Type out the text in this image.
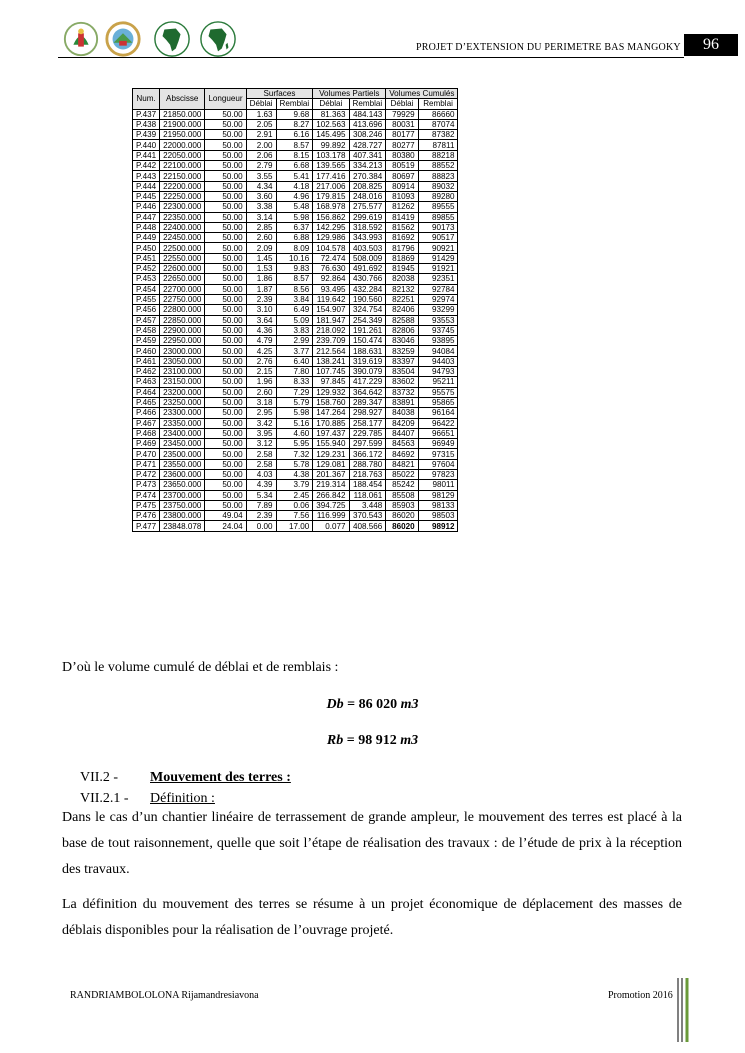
PROJET D’EXTENSION DU PERIMETRE BAS MANGOKY	96
Num.	Abscisse	Longueur	Surfaces		Volumes Partiels		Volumes Cumulés	
			Déblai	Remblai	Déblai	Remblai	Déblai	Remblai
P.437	21850.000	50.00	1.63	9.68	81.363	484.143	79929	86660
P.438	21900.000	50.00	2.05	8.27	102.563	413.696	80031	87074
P.439	21950.000	50.00	2.91	6.16	145.495	308.246	80177	87382
P.440	22000.000	50.00	2.00	8.57	99.892	428.727	80277	87811
P.441	22050.000	50.00	2.06	8.15	103.178	407.341	80380	88218
P.442	22100.000	50.00	2.79	6.68	139.565	334.213	80519	88552
P.443	22150.000	50.00	3.55	5.41	177.416	270.384	80697	88823
P.444	22200.000	50.00	4.34	4.18	217.006	208.825	80914	89032
P.445	22250.000	50.00	3.60	4.96	179.815	248.016	81093	89280
P.446	22300.000	50.00	3.38	5.48	168.978	275.577	81262	89555
P.447	22350.000	50.00	3.14	5.98	156.862	299.619	81419	89855
P.448	22400.000	50.00	2.85	6.37	142.295	318.592	81562	90173
P.449	22450.000	50.00	2.60	6.88	129.986	343.993	81692	90517
P.450	22500.000	50.00	2.09	8.09	104.578	403.503	81796	90921
P.451	22550.000	50.00	1.45	10.16	72.474	508.009	81869	91429
P.452	22600.000	50.00	1.53	9.83	76.630	491.692	81945	91921
P.453	22650.000	50.00	1.86	8.57	92.864	430.766	82038	92351
P.454	22700.000	50.00	1.87	8.56	93.495	432.284	82132	92784
P.455	22750.000	50.00	2.39	3.84	119.642	190.560	82251	92974
P.456	22800.000	50.00	3.10	6.49	154.907	324.754	82406	93299
P.457	22850.000	50.00	3.64	5.09	181.947	254.349	82588	93553
P.458	22900.000	50.00	4.36	3.83	218.092	191.261	82806	93745
P.459	22950.000	50.00	4.79	2.99	239.709	150.474	83046	93895
P.460	23000.000	50.00	4.25	3.77	212.564	188.631	83259	94084
P.461	23050.000	50.00	2.76	6.40	138.241	319.619	83397	94403
P.462	23100.000	50.00	2.15	7.80	107.745	390.079	83504	94793
P.463	23150.000	50.00	1.96	8.33	97.845	417.229	83602	95211
P.464	23200.000	50.00	2.60	7.29	129.932	364.642	83732	95575
P.465	23250.000	50.00	3.18	5.79	158.760	289.347	83891	95865
P.466	23300.000	50.00	2.95	5.98	147.264	298.927	84038	96164
P.467	23350.000	50.00	3.42	5.16	170.885	258.177	84209	96422
P.468	23400.000	50.00	3.95	4.60	197.437	229.785	84407	96651
P.469	23450.000	50.00	3.12	5.95	155.940	297.599	84563	96949
P.470	23500.000	50.00	2.58	7.32	129.231	366.172	84692	97315
P.471	23550.000	50.00	2.58	5.78	129.081	288.780	84821	97604
P.472	23600.000	50.00	4.03	4.38	201.367	218.763	85022	97823
P.473	23650.000	50.00	4.39	3.79	219.314	188.454	85242	98011
P.474	23700.000	50.00	5.34	2.45	266.842	118.061	85508	98129
P.475	23750.000	50.00	7.89	0.06	394.725	3.448	85903	98133
P.476	23800.000	49.04	2.39	7.56	116.999	370.543	86020	98503
P.477	23848.078	24.04	0.00	17.00	0.077	408.566	86020	98912
D’où le volume cumulé de déblai et de remblais :
Db = 86 020 m3
Rb = 98 912 m3
VII.2 - Mouvement des terres :
VII.2.1 - Définition :
Dans le cas d’un chantier linéaire de terrassement de grande ampleur, le mouvement des terres est placé à la base de tout raisonnement, quelle que soit l’étape de réalisation des travaux : de l’étude de prix à la réception des travaux.
La définition du mouvement des terres se résume à un projet économique de déplacement des masses de déblais disponibles pour la réalisation de l’ouvrage projeté.
RANDRIAMBOLOLONA Rijamandresiavona	Promotion 2016
